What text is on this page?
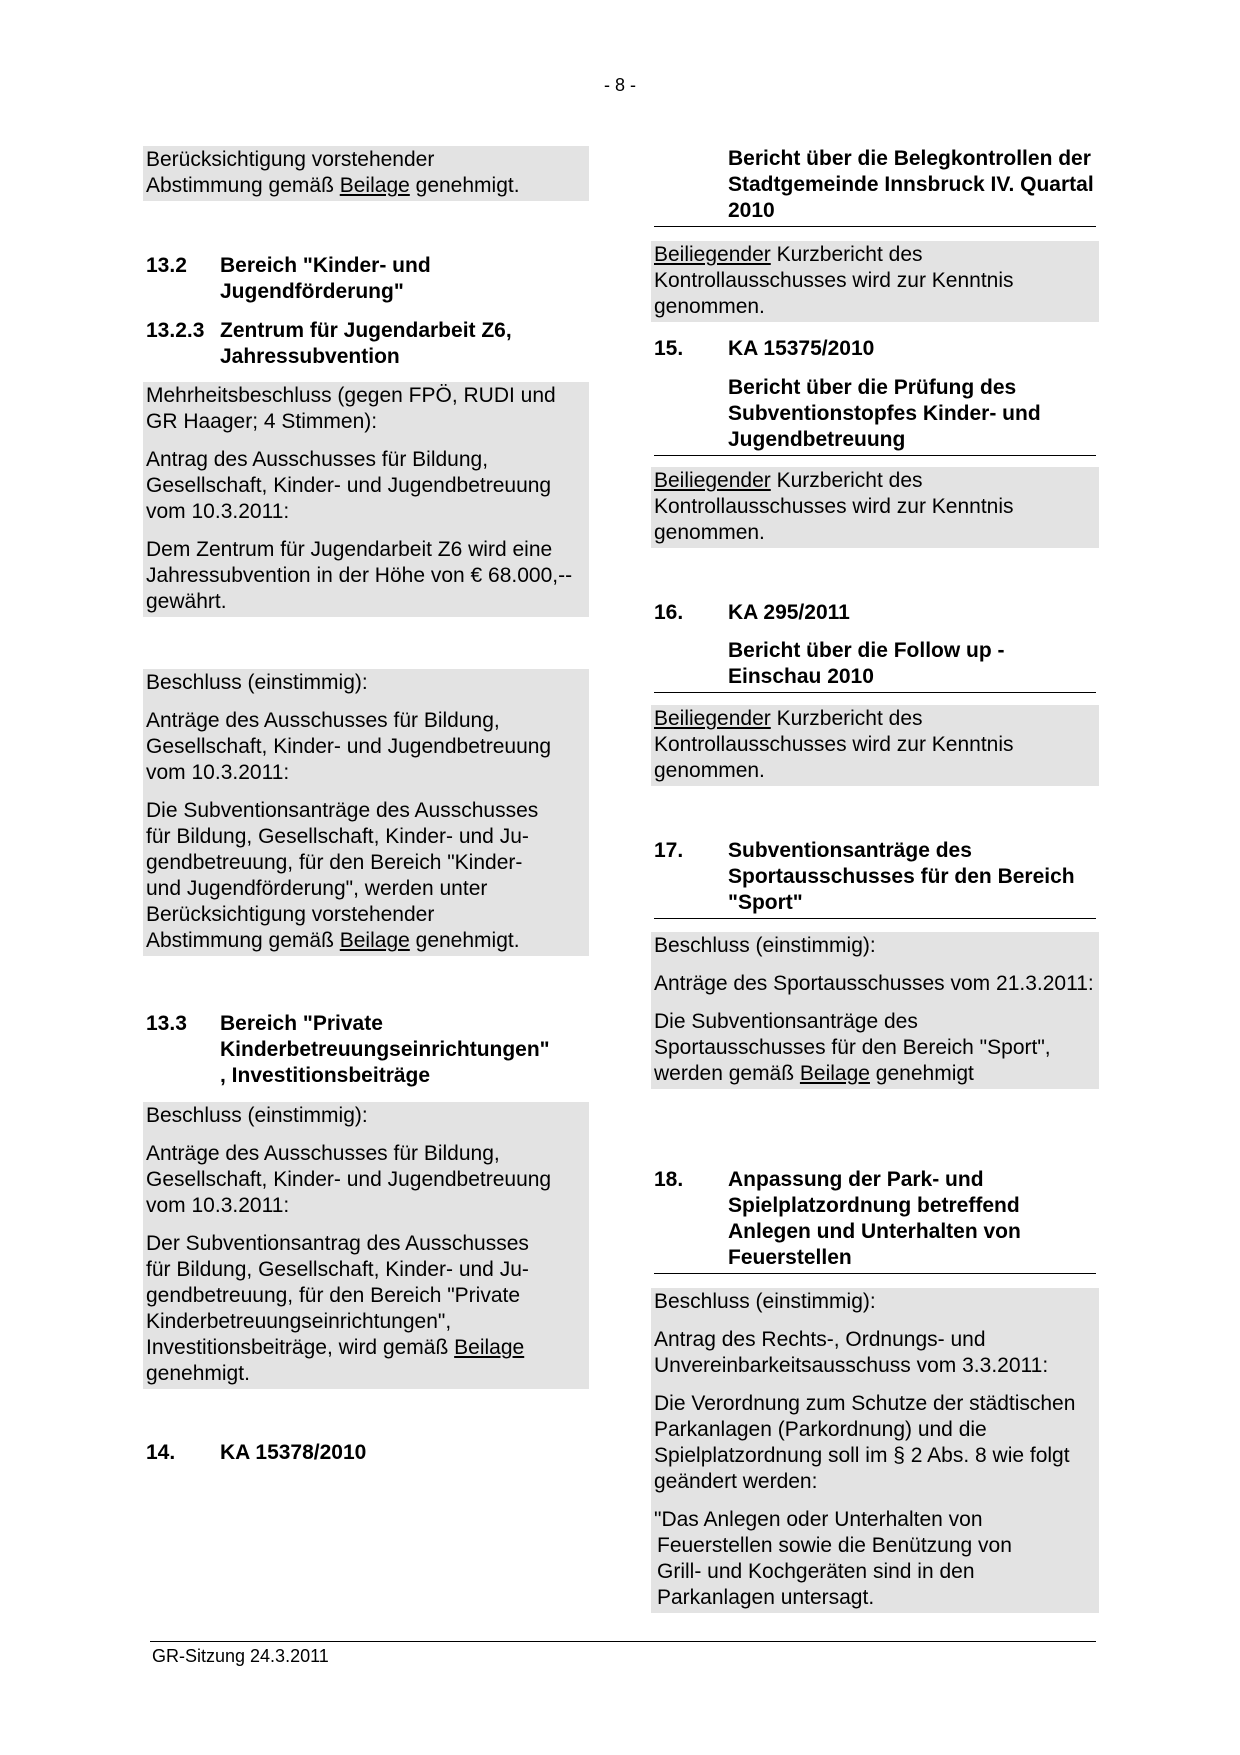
- 8 -

Berücksichtigung vorstehender
Abstimmung gemäß Beilage genehmigt.

13.2	Bereich "Kinder- und Jugendförderung"
13.2.3 Zentrum für Jugendarbeit Z6, Jahressubvention

Mehrheitsbeschluss (gegen FPÖ, RUDI und GR Haager; 4 Stimmen):

Antrag des Ausschusses für Bildung, Gesellschaft, Kinder- und Jugendbetreuung vom 10.3.2011:

Dem Zentrum für Jugendarbeit Z6 wird eine Jahressubvention in der Höhe von € 68.000,-- gewährt.

Beschluss (einstimmig):

Anträge des Ausschusses für Bildung, Gesellschaft, Kinder- und Jugendbetreuung vom 10.3.2011:

Die Subventionsanträge des Ausschusses
für Bildung, Gesellschaft, Kinder- und Ju-
gendbetreuung, für den Bereich "Kinder-
und Jugendförderung", werden unter
Berücksichtigung vorstehender
Abstimmung gemäß Beilage genehmigt.

13.3	Bereich "Private
Kinderbetreuungseinrichtungen"
, Investitionsbeiträge

Beschluss (einstimmig):

Anträge des Ausschusses für Bildung, Gesellschaft, Kinder- und Jugendbetreuung vom 10.3.2011:

Der Subventionsantrag des Ausschusses
für Bildung, Gesellschaft, Kinder- und Ju-
gendbetreuung, für den Bereich "Private
Kinderbetreuungseinrichtungen",
Investitionsbeiträge, wird gemäß Beilage
genehmigt.

14.	KA 15378/2010
Bericht über die Belegkontrollen der Stadtgemeinde Innsbruck IV. Quartal 2010

Beiliegender Kurzbericht des Kontrollausschusses wird zur Kenntnis genommen.

15.	KA 15375/2010
Bericht über die Prüfung des Subventionstopfes Kinder- und Jugendbetreuung

Beiliegender Kurzbericht des Kontrollausschusses wird zur Kenntnis genommen.

16.	KA 295/2011
Bericht über die Follow up - Einschau 2010

Beiliegender Kurzbericht des Kontrollausschusses wird zur Kenntnis genommen.

17.	Subventionsanträge des Sportausschusses für den Bereich "Sport"

Beschluss (einstimmig):

Anträge des Sportausschusses vom 21.3.2011:

Die Subventionsanträge des
Sportausschusses für den Bereich "Sport",
werden gemäß Beilage genehmigt

18.	Anpassung der Park- und Spielplatzordnung betreffend Anlegen und Unterhalten von Feuerstellen

Beschluss (einstimmig):

Antrag des Rechts-, Ordnungs- und Unvereinbarkeitsausschuss vom 3.3.2011:

Die Verordnung zum Schutze der städtischen Parkanlagen (Parkordnung) und die Spielplatzordnung soll im § 2 Abs. 8 wie folgt geändert werden:

"Das Anlegen oder Unterhalten von
Feuerstellen sowie die Benützung von
Grill- und Kochgeräten sind in den
Parkanlagen untersagt.

GR-Sitzung 24.3.2011
